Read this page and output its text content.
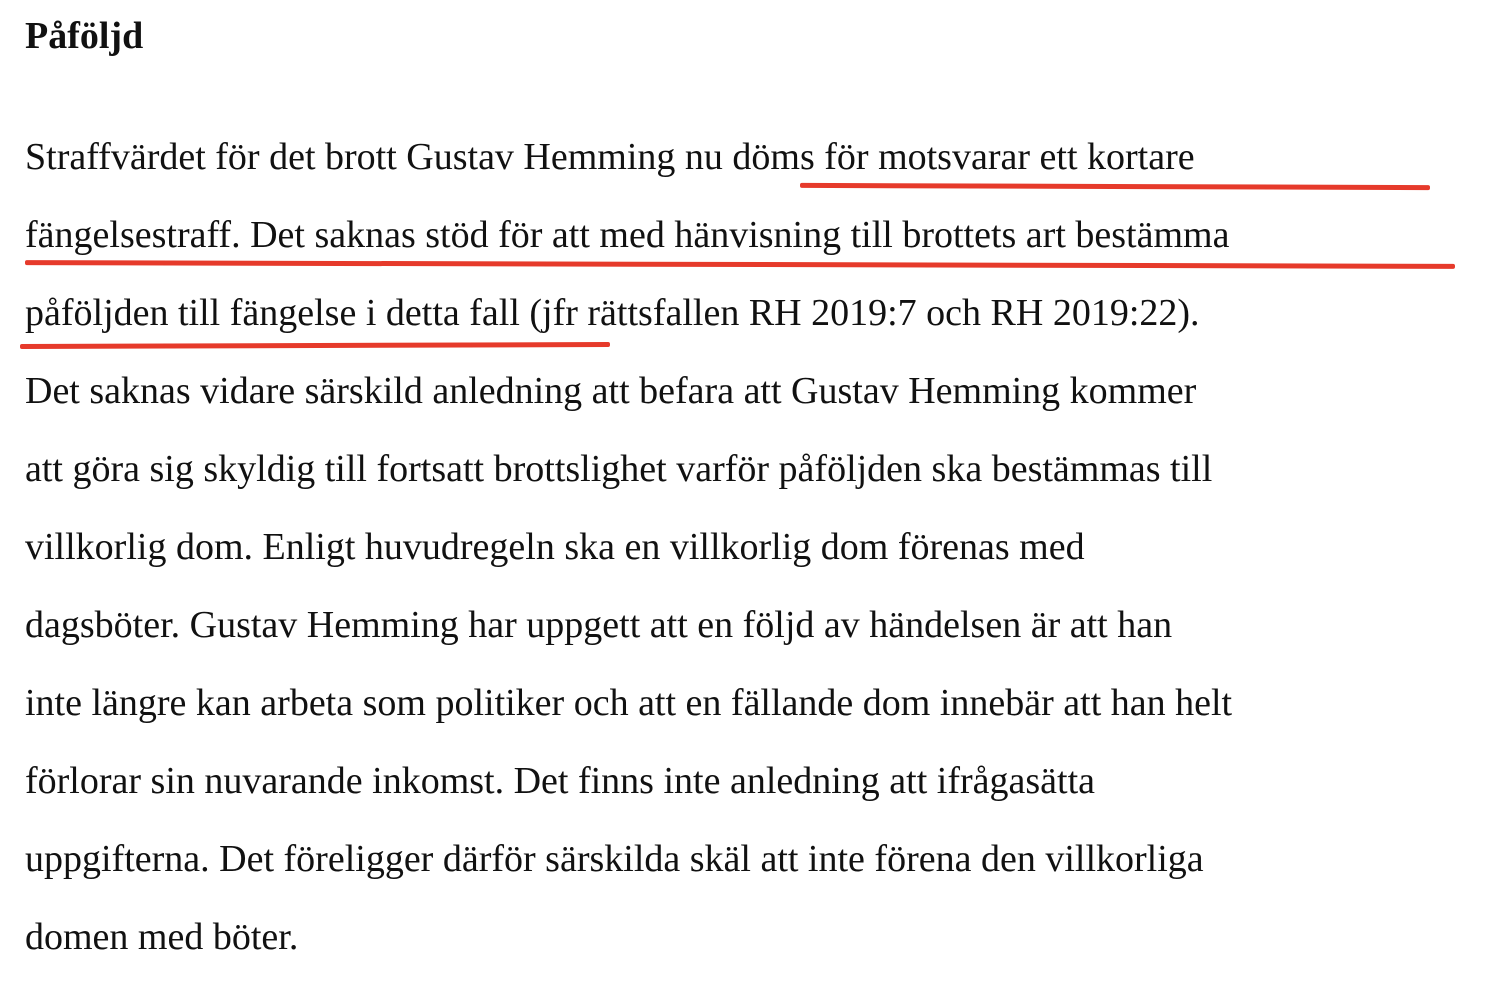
Påföljd

Straffvärdet för det brott Gustav Hemming nu döms för motsvarar ett kortare

fängelsestraff. Det saknas stöd för att med hänvisning till brottets art bestämma

påföljden till fängelse i detta fall (jfr rättsfallen RH 2019:7 och RH 2019:22).

Det saknas vidare särskild anledning att befara att Gustav Hemming kommer

att göra sig skyldig till fortsatt brottslighet varför påföljden ska bestämmas till

villkorlig dom. Enligt huvudregeln ska en villkorlig dom förenas med

dagsböter. Gustav Hemming har uppgett att en följd av händelsen är att han

inte längre kan arbeta som politiker och att en fällande dom innebär att han helt

förlorar sin nuvarande inkomst. Det finns inte anledning att ifrågasätta

uppgifterna. Det föreligger därför särskilda skäl att inte förena den villkorliga

domen med böter.
